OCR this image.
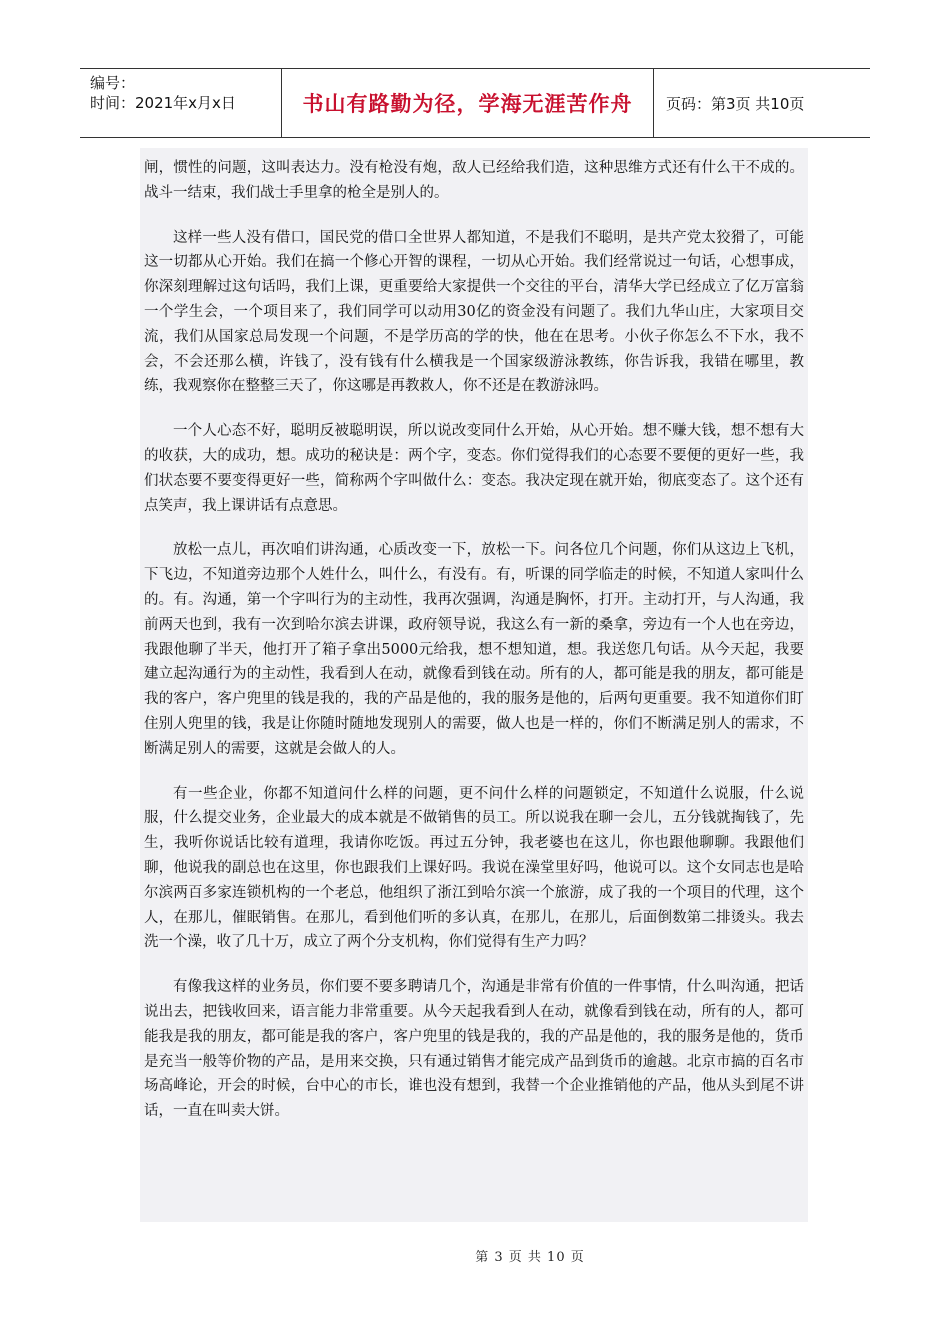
编号：
时间：2021年x月x日	书山有路勤为径，学海无涯苦作舟	页码：第3页 共10页

闸，惯性的问题，这叫表达力。没有枪没有炮，敌人已经给我们造，这种思维方式还有什么干不成的。战斗一结束，我们战士手里拿的枪全是别人的。

这样一些人没有借口，国民党的借口全世界人都知道，不是我们不聪明，是共产党太狡猾了，可能这一切都从心开始。我们在搞一个修心开智的课程，一切从心开始。我们经常说过一句话，心想事成，你深刻理解过这句话吗，我们上课，更重要给大家提供一个交往的平台，清华大学已经成立了亿万富翁一个学生会，一个项目来了，我们同学可以动用30亿的资金没有问题了。我们九华山庄，大家项目交流，我们从国家总局发现一个问题，不是学历高的学的快，他在在思考。小伙子你怎么不下水，我不会，不会还那么横，许钱了，没有钱有什么横我是一个国家级游泳教练，你告诉我，我错在哪里，教练，我观察你在整整三天了，你这哪是再教救人，你不还是在教游泳吗。

一个人心态不好，聪明反被聪明误，所以说改变同什么开始，从心开始。想不赚大钱，想不想有大的收获，大的成功，想。成功的秘诀是：两个字，变态。你们觉得我们的心态要不要便的更好一些，我们状态要不要变得更好一些，简称两个字叫做什么：变态。我决定现在就开始，彻底变态了。这个还有点笑声，我上课讲话有点意思。

放松一点儿，再次咱们讲沟通，心质改变一下，放松一下。问各位几个问题，你们从这边上飞机，下飞边，不知道旁边那个人姓什么，叫什么，有没有。有，听课的同学临走的时候，不知道人家叫什么的。有。沟通，第一个字叫行为的主动性，我再次强调，沟通是胸怀，打开。主动打开，与人沟通，我前两天也到，我有一次到哈尔滨去讲课，政府领导说，我这么有一新的桑拿，旁边有一个人也在旁边，我跟他聊了半天，他打开了箱子拿出5000元给我，想不想知道，想。我送您几句话。从今天起，我要建立起沟通行为的主动性，我看到人在动，就像看到钱在动。所有的人，都可能是我的朋友，都可能是我的客户，客户兜里的钱是我的，我的产品是他的，我的服务是他的，后两句更重要。我不知道你们盯住别人兜里的钱，我是让你随时随地发现别人的需要，做人也是一样的，你们不断满足别人的需求，不断满足别人的需要，这就是会做人的人。

有一些企业，你都不知道问什么样的问题，更不问什么样的问题锁定，不知道什么说服，什么说服，什么提交业务，企业最大的成本就是不做销售的员工。所以说我在聊一会儿，五分钱就掏钱了，先生，我听你说话比较有道理，我请你吃饭。再过五分钟，我老婆也在这儿，你也跟他聊聊。我跟他们聊，他说我的副总也在这里，你也跟我们上课好吗。我说在澡堂里好吗，他说可以。这个女同志也是哈尔滨两百多家连锁机构的一个老总，他组织了浙江到哈尔滨一个旅游，成了我的一个项目的代理，这个人，在那儿，催眠销售。在那儿，看到他们听的多认真，在那儿，在那儿，后面倒数第二排烫头。我去洗一个澡，收了几十万，成立了两个分支机构，你们觉得有生产力吗？

有像我这样的业务员，你们要不要多聘请几个，沟通是非常有价值的一件事情，什么叫沟通，把话说出去，把钱收回来，语言能力非常重要。从今天起我看到人在动，就像看到钱在动，所有的人，都可能我是我的朋友，都可能是我的客户，客户兜里的钱是我的，我的产品是他的，我的服务是他的，货币是充当一般等价物的产品，是用来交换，只有通过销售才能完成产品到货币的逾越。北京市搞的百名市场高峰论，开会的时候，台中心的市长，谁也没有想到，我替一个企业推销他的产品，他从头到尾不讲话，一直在叫卖大饼。

第 3 页 共 10 页
